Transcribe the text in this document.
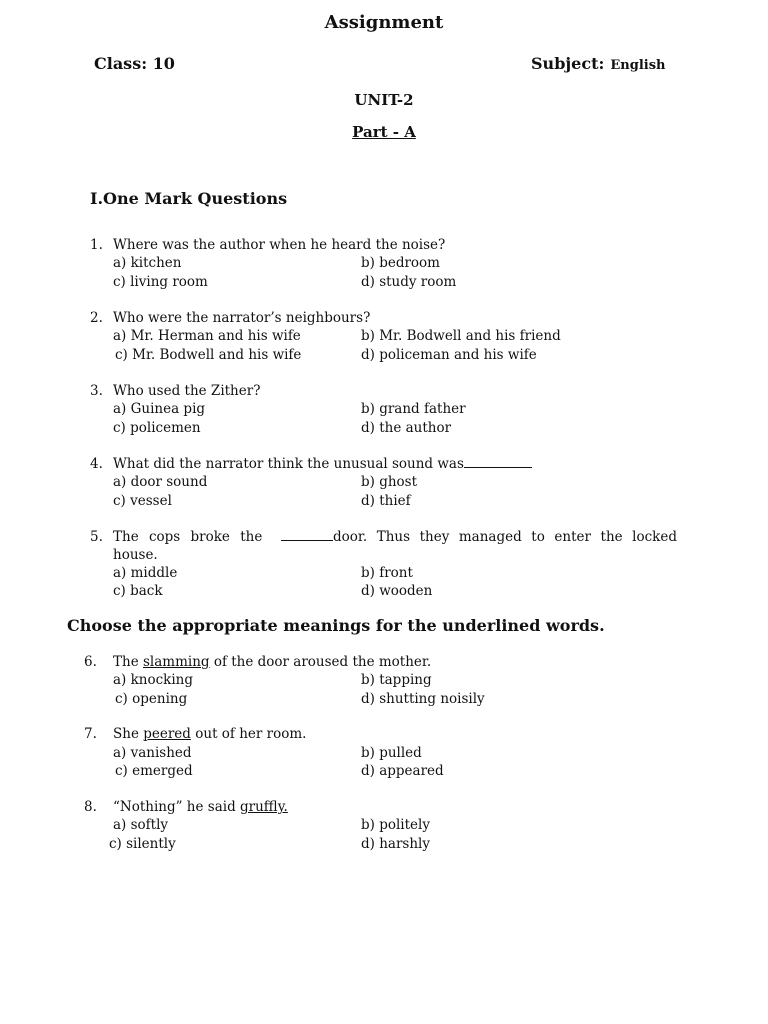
Assignment
Class: 10	Subject: English
UNIT-2
Part - A
I.One Mark Questions
1. Where was the author when he heard the noise?
a) kitchen	b) bedroom
c) living room	d) study room
2. Who were the narrator’s neighbours?
a) Mr. Herman and his wife	b) Mr. Bodwell and his friend
c) Mr. Bodwell and his wife	d) policeman and his wife
3. Who used the Zither?
a) Guinea pig	b) grand father
c) policemen	d) the author
4. What did the narrator think the unusual sound was
a) door sound	b) ghost
c) vessel	d) thief
5. The cops broke the	door. Thus they managed to enter the locked house.
a) middle	b) front
c) back	d) wooden
Choose the appropriate meanings for the underlined words.
6.	The slamming of the door aroused the mother.
a) knocking	b) tapping
c) opening	d) shutting noisily
7.	She peered out of her room.
a) vanished	b) pulled
c) emerged	d) appeared
8.	“Nothing” he said gruffly.
a) softly	b) politely
c) silently	d) harshly
